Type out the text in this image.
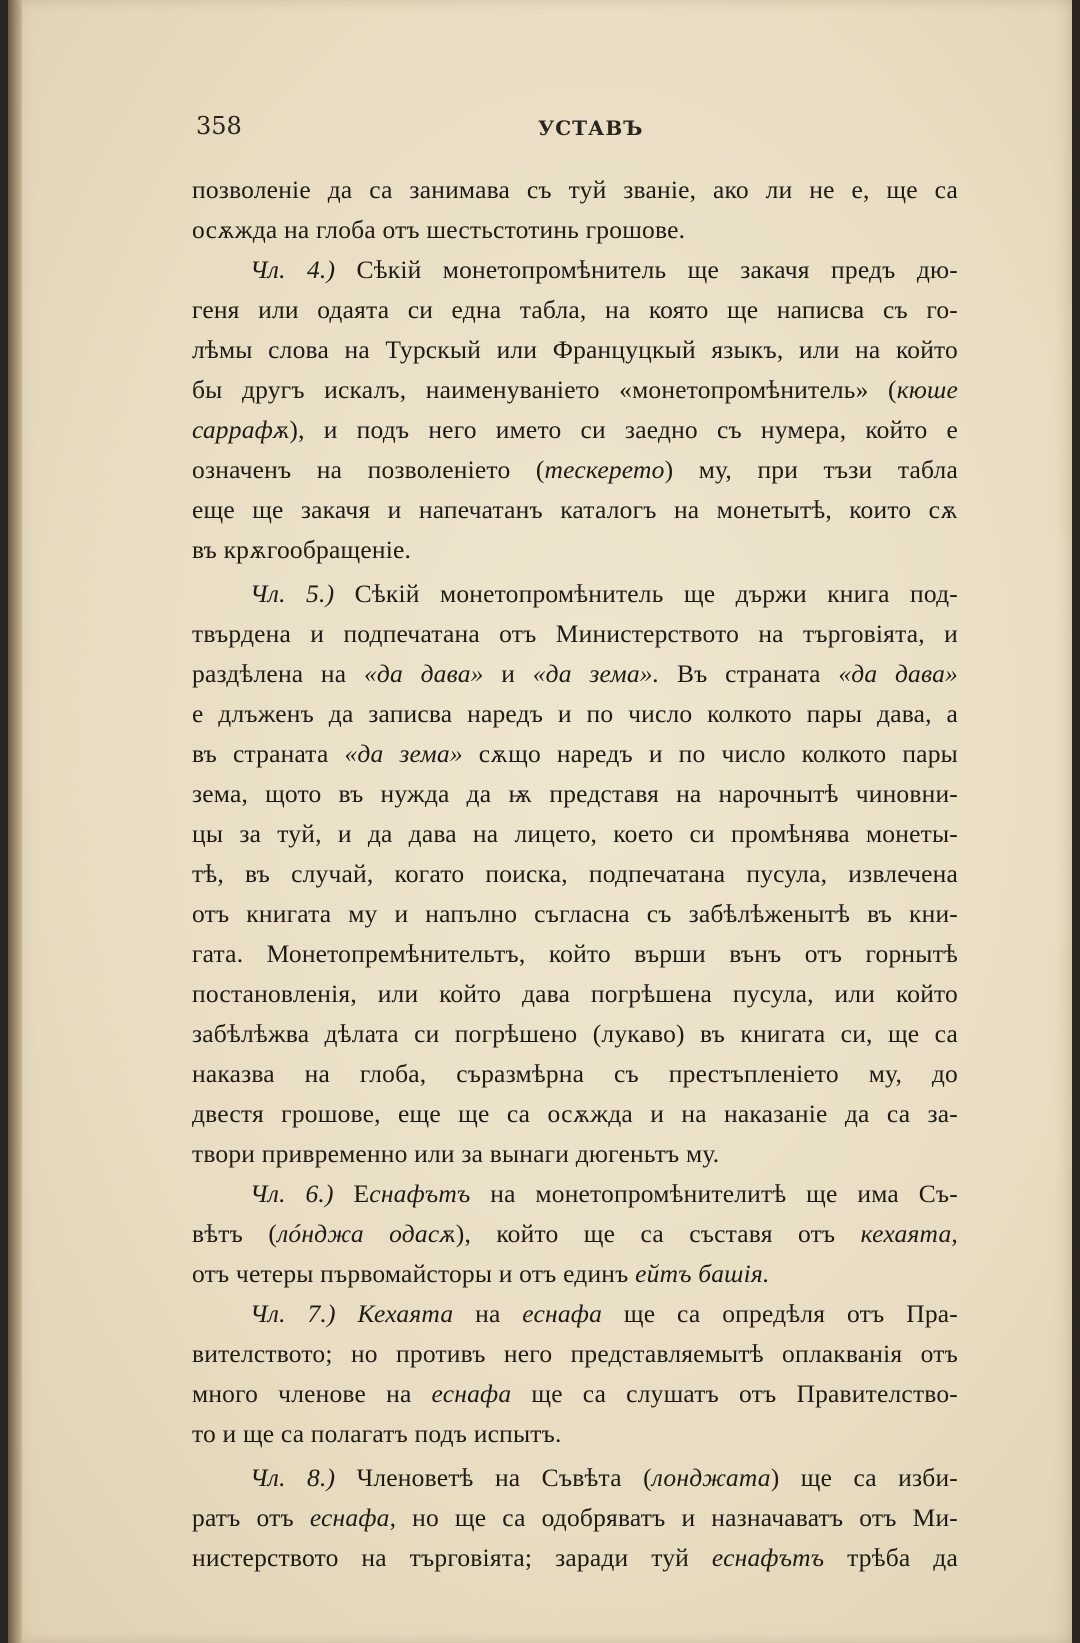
358	УСТАВЪ
позволеніе да са занимава съ туй званіе, ако ли не е, ще са
осѫжда на глоба отъ шестьстотинь грошове.
Чл. 4.) Сѣкій монетопромѣнитель ще закачя предъ дю-
геня или одаята си една табла, на която ще написва съ го-
лѣмы слова на Турскый или Француцкый языкъ, или на който
бы другъ искалъ, наименуваніето «монетопромѣнитель» (кюше
саррафѫ), и подъ него името си заедно съ нумера, който е
означенъ на позволеніето (тескерето) му, при тъзи табла
еще ще закачя и напечатанъ каталогъ на монетытѣ, които сѫ
въ крѫгообращеніе.
Чл. 5.) Сѣкій монетопромѣнитель ще държи книга под-
твърдена и подпечатана отъ Министерството на търговіята, и
раздѣлена на «да дава» и «да зема». Въ страната «да дава»
е длъженъ да записва наредъ и по число колкото пары дава, а
въ страната «да зема» сѫщо наредъ и по число колкото пары
зема, щото въ нужда да ѭ представя на нарочнытѣ чиновни-
цы за туй, и да дава на лицето, което си промѣнява монеты-
тѣ, въ случай, когато поиска, подпечатана пусула, извлечена
отъ книгата му и напълно съгласна съ забѣлѣженытѣ въ кни-
гата. Монетопремѣнительтъ, който върши вънъ отъ горнытѣ
постановленія, или който дава погрѣшена пусула, или който
забѣлѣжва дѣлата си погрѣшено (лукаво) въ книгата си, ще са
наказва на глоба, съразмѣрна съ престъпленіето му, до
двестя грошове, еще ще са осѫжда и на наказаніе да са за-
твори привременно или за вынаги дюгеньтъ му.
Чл. 6.) Еснафътъ на монетопромѣнителитѣ ще има Съ-
вѣтъ (лóнджа одасѫ), който ще са съставя отъ кехаята,
отъ четеры първомайсторы и отъ единъ ейтъ башія.
Чл. 7.) Кехаята на еснафа ще са опредѣля отъ Пра-
вителството; но противъ него представляемытѣ оплакванія отъ
много членове на еснафа ще са слушатъ отъ Правителство-
то и ще са полагатъ подъ испытъ.
Чл. 8.) Членоветѣ на Съвѣта (лонджата) ще са изби-
ратъ отъ еснафа, но ще са одобряватъ и назначаватъ отъ Ми-
нистерството на търговіята; заради туй еснафътъ трѣба да
